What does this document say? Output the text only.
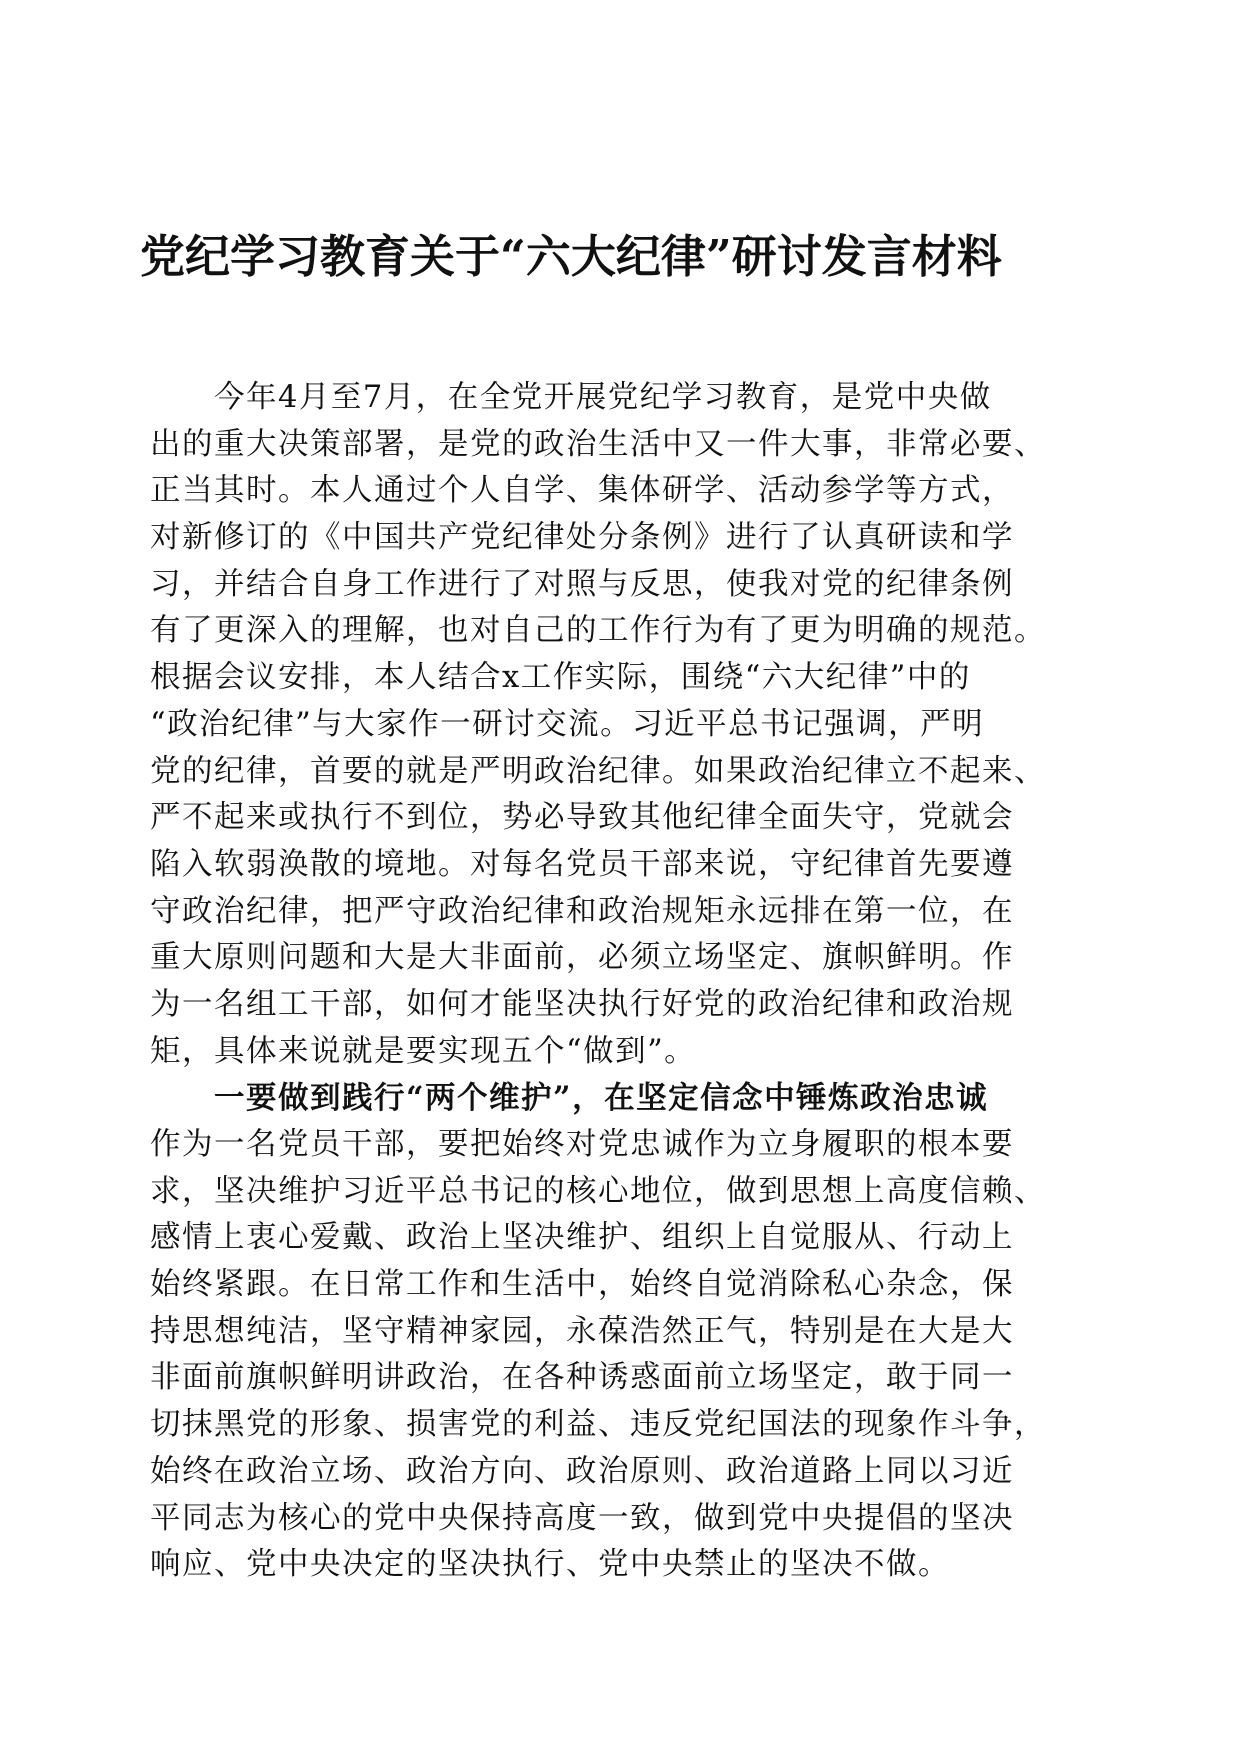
党纪学习教育关于“六大纪律”研讨发言材料
今年4月至7月，在全党开展党纪学习教育，是党中央做
出的重大决策部署，是党的政治生活中又一件大事，非常必要、
正当其时。本人通过个人自学、集体研学、活动参学等方式，
对新修订的《中国共产党纪律处分条例》进行了认真研读和学
习，并结合自身工作进行了对照与反思，使我对党的纪律条例
有了更深入的理解，也对自己的工作行为有了更为明确的规范。
根据会议安排，本人结合x工作实际，围绕“六大纪律”中的
“政治纪律”与大家作一研讨交流。习近平总书记强调，严明
党的纪律，首要的就是严明政治纪律。如果政治纪律立不起来、
严不起来或执行不到位，势必导致其他纪律全面失守，党就会
陷入软弱涣散的境地。对每名党员干部来说，守纪律首先要遵
守政治纪律，把严守政治纪律和政治规矩永远排在第一位，在
重大原则问题和大是大非面前，必须立场坚定、旗帜鲜明。作
为一名组工干部，如何才能坚决执行好党的政治纪律和政治规
矩，具体来说就是要实现五个“做到”。
一要做到践行“两个维护”，在坚定信念中锤炼政治忠诚
作为一名党员干部，要把始终对党忠诚作为立身履职的根本要
求，坚决维护习近平总书记的核心地位，做到思想上高度信赖、
感情上衷心爱戴、政治上坚决维护、组织上自觉服从、行动上
始终紧跟。在日常工作和生活中，始终自觉消除私心杂念，保
持思想纯洁，坚守精神家园，永葆浩然正气，特别是在大是大
非面前旗帜鲜明讲政治，在各种诱惑面前立场坚定，敢于同一
切抹黑党的形象、损害党的利益、违反党纪国法的现象作斗争，
始终在政治立场、政治方向、政治原则、政治道路上同以习近
平同志为核心的党中央保持高度一致，做到党中央提倡的坚决
响应、党中央决定的坚决执行、党中央禁止的坚决不做。
